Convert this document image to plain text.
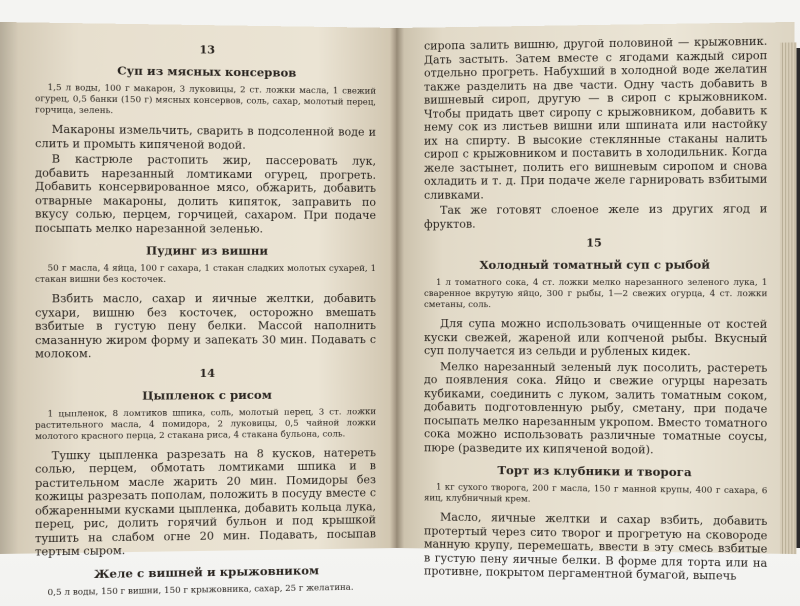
13
Суп из мясных консервов
1,5 л воды, 100 г макарон, 3 луковицы, 2 ст. ложки масла, 1 свежий огурец, 0,5 банки (150 г) мясных консервов, соль, сахар, молотый перец, горчица, зелень.
Макароны измельчить, сварить в подсоленной воде и слить и промыть кипяченой водой.
В кастрюле растопить жир, пассеровать лук, добавить нарезанный ломтиками огурец, прогреть. Добавить консервированное мясо, обжарить, добавить отварные макароны, долить кипяток, заправить по вкусу солью, перцем, горчицей, сахаром. При подаче посыпать мелко нарезанной зеленью.
Пудинг из вишни
50 г масла, 4 яйца, 100 г сахара, 1 стакан сладких молотых сухарей, 1 стакан вишни без косточек.
Взбить масло, сахар и яичные желтки, добавить сухари, вишню без косточек, осторожно вмешать взбитые в густую пену белки. Массой наполнить смазанную жиром форму и запекать 30 мин. Подавать с молоком.
14
Цыпленок с рисом
1 цыпленок, 8 ломтиков шпика, соль, молотый перец, 3 ст. ложки растительного масла, 4 помидора, 2 луковицы, 0,5 чайной ложки молотого красного перца, 2 стакана риса, 4 стакана бульона, соль.
Тушку цыпленка разрезать на 8 кусков, натереть солью, перцем, обмотать ломтиками шпика и в растительном масле жарить 20 мин. Помидоры без кожицы разрезать пополам, положить в посуду вместе с обжаренными кусками цыпленка, добавить кольца лука, перец, рис, долить горячий бульон и под крышкой тушить на слабом огне 20 мин. Подавать, посыпав тертым сыром.
Желе с вишней и крыжовником
0,5 л воды, 150 г вишни, 150 г крыжовника, сахар, 25 г желатина.
сиропа залить вишню, другой половиной — крыжовник. Дать застыть. Затем вместе с ягодами каждый сироп отдельно прогреть. Набухший в холодной воде желатин также разделить на две части. Одну часть добавить в вишневый сироп, другую — в сироп с крыжовником. Чтобы придать цвет сиропу с крыжовником, добавить к нему сок из листьев вишни или шпината или настойку их на спирту. В высокие стеклянные стаканы налить сироп с крыжовником и поставить в холодильник. Когда желе застынет, полить его вишневым сиропом и снова охладить и т. д. При подаче желе гарнировать взбитыми сливками.
Так же готовят слоеное желе из других ягод и фруктов.
15
Холодный томатный суп с рыбой
1 л томатного сока, 4 ст. ложки мелко нарезанного зеленого лука, 1 сваренное вкрутую яйцо, 300 г рыбы, 1—2 свежих огурца, 4 ст. ложки сметаны, соль.
Для супа можно использовать очищенные от костей куски свежей, жареной или копченой рыбы. Вкусный суп получается из сельди и рубленых кидек.
Мелко нарезанный зеленый лук посолить, растереть до появления сока. Яйцо и свежие огурцы нарезать кубиками, соединить с луком, залить томатным соком, добавить подготовленную рыбу, сметану, при подаче посыпать мелко нарезанным укропом. Вместо томатного сока можно использовать различные томатные соусы, пюре (разведите их кипяченой водой).
Торт из клубники и творога
1 кг сухого творога, 200 г масла, 150 г манной крупы, 400 г сахара, 6 яиц, клубничный крем.
Масло, яичные желтки и сахар взбить, добавить протертый через сито творог и прогретую на сковороде манную крупу, перемешать, ввести в эту смесь взбитые в густую пену яичные белки. В форме для торта или на противне, покрытом пергаментной бумагой, выпечь
